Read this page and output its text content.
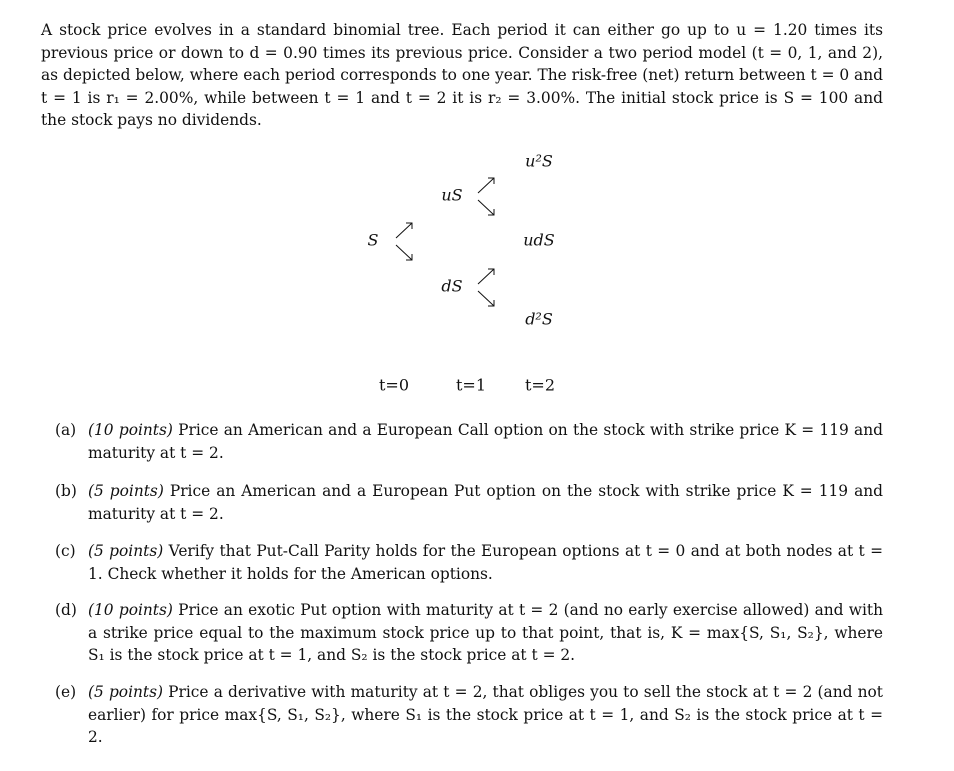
A stock price evolves in a standard binomial tree. Each period it can either go up to u = 1.20 times its previous price or down to d = 0.90 times its previous price. Consider a two period model (t = 0, 1, and 2), as depicted below, where each period corresponds to one year. The risk-free (net) return between t = 0 and t = 1 is r₁ = 2.00%, while between t = 1 and t = 2 it is r₂ = 3.00%. The initial stock price is S = 100 and the stock pays no dividends.

S
uS
dS
u²S
udS
d²S
t=0	t=1 t=2
(a) (10 points) Price an American and a European Call option on the stock with strike price K = 119 and maturity at t = 2.
(b) (5 points) Price an American and a European Put option on the stock with strike price K = 119 and maturity at t = 2.
(c) (5 points) Verify that Put-Call Parity holds for the European options at t = 0 and at both nodes at t = 1. Check whether it holds for the American options.
(d) (10 points) Price an exotic Put option with maturity at t = 2 (and no early exercise allowed) and with a strike price equal to the maximum stock price up to that point, that is, K = max{S, S₁, S₂}, where S₁ is the stock price at t = 1, and S₂ is the stock price at t = 2.
(e) (5 points) Price a derivative with maturity at t = 2, that obliges you to sell the stock at t = 2 (and not earlier) for price max{S, S₁, S₂}, where S₁ is the stock price at t = 1, and S₂ is the stock price at t = 2.
